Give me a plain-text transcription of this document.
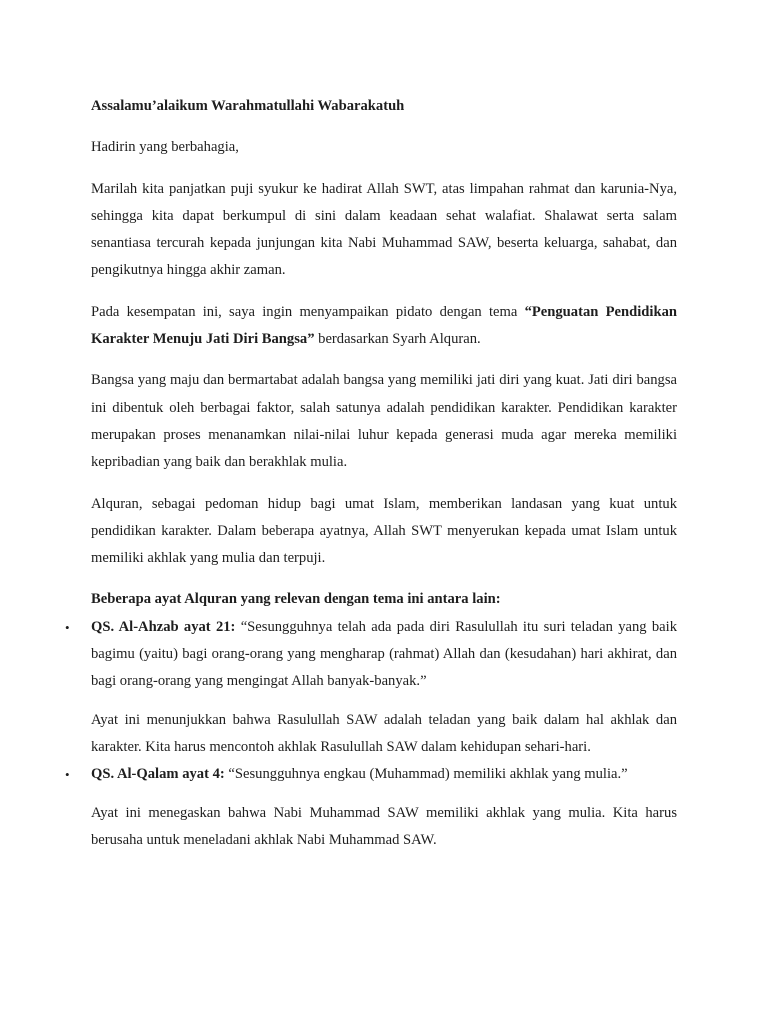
Assalamu’alaikum Warahmatullahi Wabarakatuh

Hadirin yang berbahagia,

Marilah kita panjatkan puji syukur ke hadirat Allah SWT, atas limpahan rahmat dan karunia-Nya, sehingga kita dapat berkumpul di sini dalam keadaan sehat walafiat. Shalawat serta salam senantiasa tercurah kepada junjungan kita Nabi Muhammad SAW, beserta keluarga, sahabat, dan pengikutnya hingga akhir zaman.

Pada kesempatan ini, saya ingin menyampaikan pidato dengan tema “Penguatan Pendidikan Karakter Menuju Jati Diri Bangsa” berdasarkan Syarh Alquran.

Bangsa yang maju dan bermartabat adalah bangsa yang memiliki jati diri yang kuat. Jati diri bangsa ini dibentuk oleh berbagai faktor, salah satunya adalah pendidikan karakter. Pendidikan karakter merupakan proses menanamkan nilai-nilai luhur kepada generasi muda agar mereka memiliki kepribadian yang baik dan berakhlak mulia.

Alquran, sebagai pedoman hidup bagi umat Islam, memberikan landasan yang kuat untuk pendidikan karakter. Dalam beberapa ayatnya, Allah SWT menyerukan kepada umat Islam untuk memiliki akhlak yang mulia dan terpuji.

Beberapa ayat Alquran yang relevan dengan tema ini antara lain:

• QS. Al-Ahzab ayat 21: “Sesungguhnya telah ada pada diri Rasulullah itu suri teladan yang baik bagimu (yaitu) bagi orang-orang yang mengharap (rahmat) Allah dan (kesudahan) hari akhirat, dan bagi orang-orang yang mengingat Allah banyak-banyak.”

Ayat ini menunjukkan bahwa Rasulullah SAW adalah teladan yang baik dalam hal akhlak dan karakter. Kita harus mencontoh akhlak Rasulullah SAW dalam kehidupan sehari-hari.

• QS. Al-Qalam ayat 4: “Sesungguhnya engkau (Muhammad) memiliki akhlak yang mulia.”

Ayat ini menegaskan bahwa Nabi Muhammad SAW memiliki akhlak yang mulia. Kita harus berusaha untuk meneladani akhlak Nabi Muhammad SAW.
